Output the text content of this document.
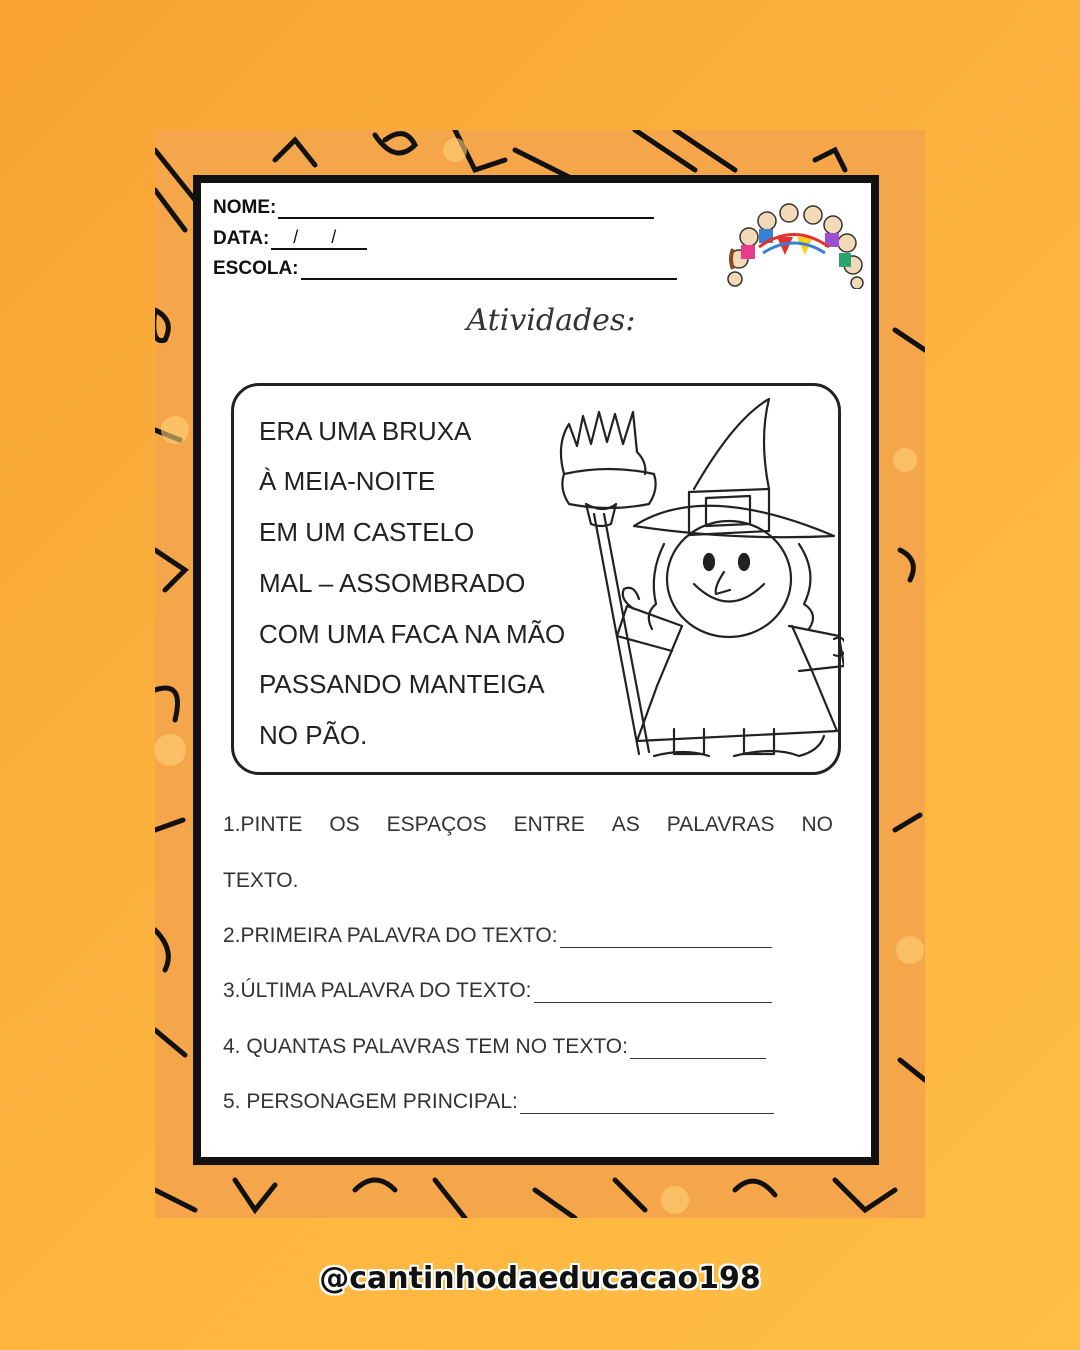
NOME:
DATA: / /
ESCOLA:
Atividades:
ERA UMA BRUXA
À MEIA-NOITE
EM UM CASTELO
MAL – ASSOMBRADO
COM UMA FACA NA MÃO
PASSANDO MANTEIGA
NO PÃO.
1.PINTE OS ESPAÇOS ENTRE AS PALAVRAS NO
TEXTO.
2.PRIMEIRA PALAVRA DO TEXTO:
3.ÚLTIMA PALAVRA DO TEXTO:
4. QUANTAS PALAVRAS TEM NO TEXTO:
5. PERSONAGEM PRINCIPAL:
@cantinhodaeducacao198
